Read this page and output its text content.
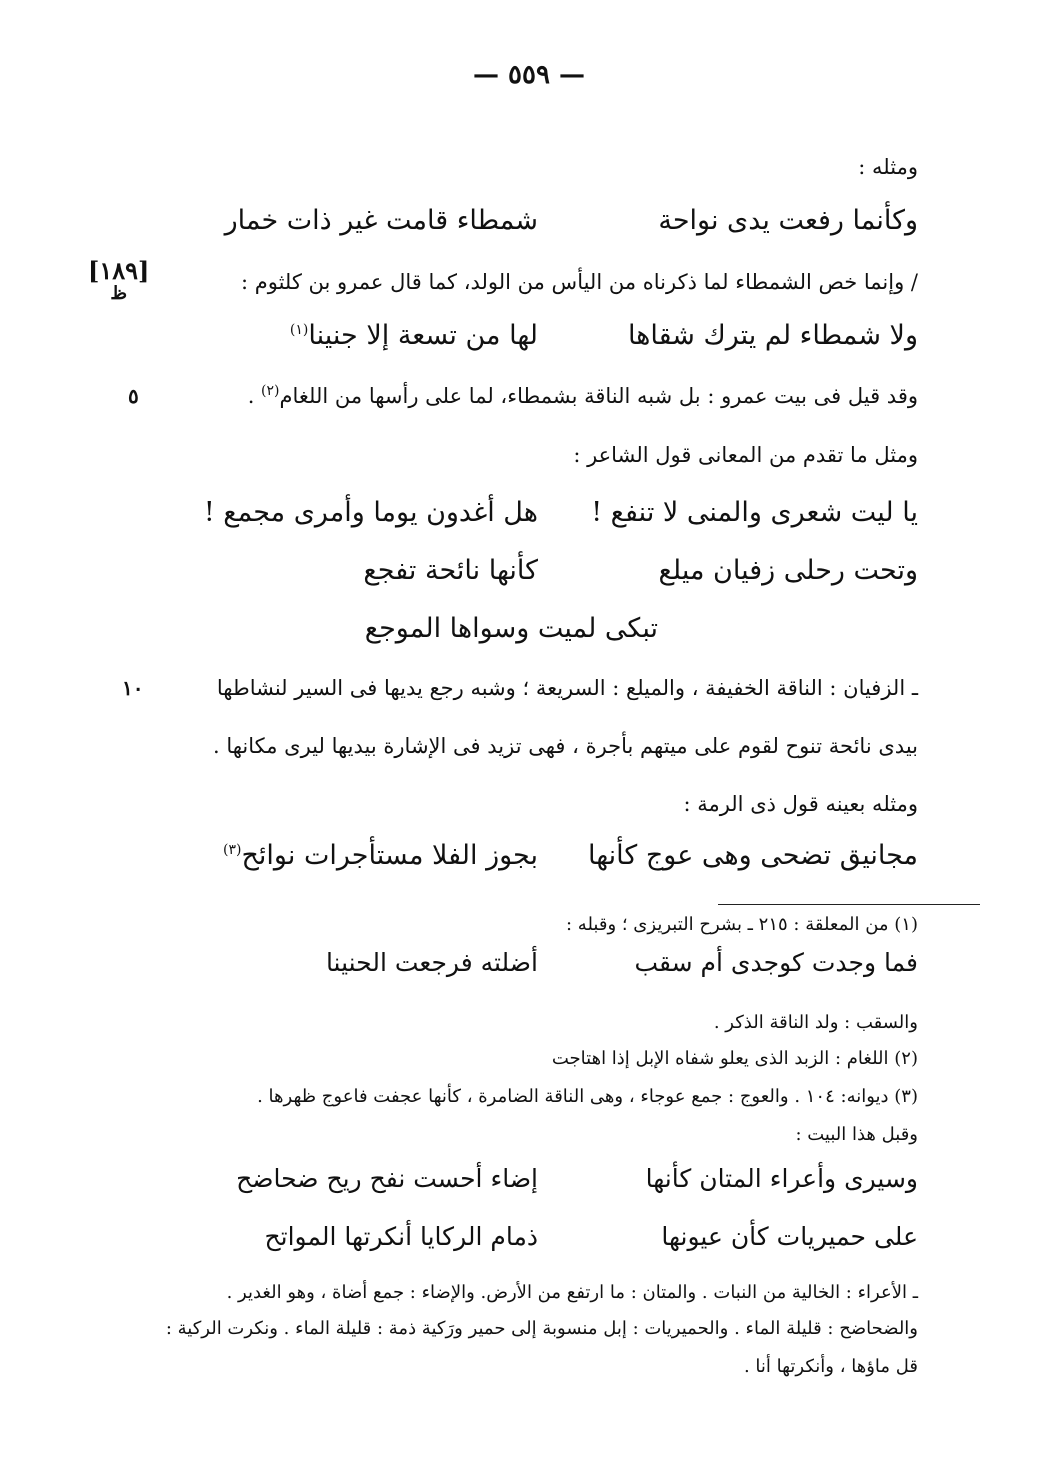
— ٥٥٩ —
[١٨٩]
ظ
٥
١٠
ومثله :
وكأنما رفعت يدى نواحة
شمطاء قامت غير ذات خمار
/ وإنما خص الشمطاء لما ذكرناه من اليأس من الولد، كما قال عمرو بن كلثوم :
ولا شمطاء لم يترك شقاها
لها من تسعة إلا جنينا$^{(١)}$
وقد قيل فى بيت عمرو : بل شبه الناقة بشمطاء، لما على رأسها من اللغام$^{(٢)}$ .
ومثل ما تقدم من المعانى قول الشاعر :
يا ليت شعرى والمنى لا تنفع !
هل أغدون يوما وأمرى مجمع !
وتحت رحلى زفيان ميلع
كأنها نائحة تفجع
تبكى لميت وسواها الموجع
ـ الزفيان : الناقة الخفيفة ، والميلع : السريعة ؛ وشبه رجع يديها فى السير لنشاطها
بيدى نائحة تنوح لقوم على ميتهم بأجرة ، فهى تزيد فى الإشارة بيديها ليرى مكانها .
ومثله بعينه قول ذى الرمة :
مجانيق تضحى وهى عوج كأنها
بجوز الفلا مستأجرات نوائح$^{(٣)}$
(١) من المعلقة : ٢١٥ ـ بشرح التبريزى ؛ وقبله :
فما وجدت كوجدى أم سقب
أضلته فرجعت الحنينا
والسقب : ولد الناقة الذكر .
(٢) اللغام : الزبد الذى يعلو شفاه الإبل إذا اهتاجت
(٣) ديوانه: ١٠٤ . والعوج : جمع عوجاء ، وهى الناقة الضامرة ، كأنها عجفت فاعوج ظهرها .
وقبل هذا البيت :
وسيرى وأعراء المتان كأنها
إضاء أحست نفح ريح ضحاضح
على حميريات كأن عيونها
ذمام الركايا أنكرتها المواتح
ـ الأعراء : الخالية من النبات . والمتان : ما ارتفع من الأرض. والإضاء : جمع أضاة ، وهو الغدير .
والضحاضح : قليلة الماء . والحميريات : إبل منسوبة إلى حمير ورَكية ذمة : قليلة الماء . ونكرت الركية :
قل ماؤها ، وأنكرتها أنا .
